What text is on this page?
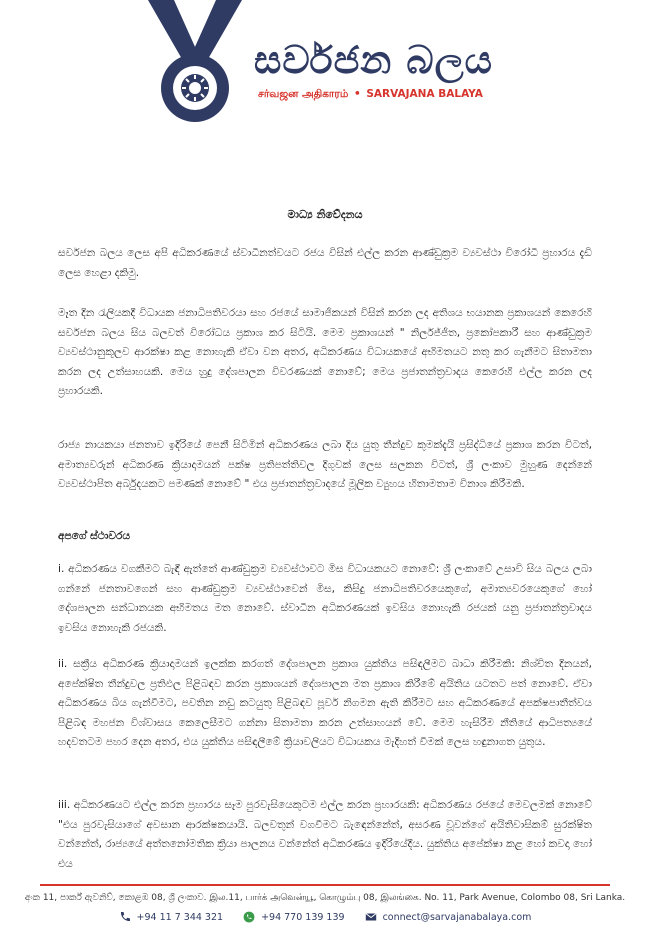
සර්වජන බලය
சர்வஜன அதிகாரம் • SARVAJANA BALAYA
මාධ්‍ය නිවේදනය
සර්වජන බලය ලෙස අපි අධිකරණයේ ස්වාධීනත්වයට රජය විසින් එල්ල කරන ආණ්ඩුක්‍රම ව්‍යවස්ථා විරෝධී ප්‍රහාරය දැඩි ලෙස හෙළා දකිමු.
මෑත දින රැලියකදී විධායක ජනාධිපතිවරයා සහ රජයේ සාමාජිකයන් විසින් කරන ලද අතිශය භයානක ප්‍රකාශයන් කෙරෙහි සර්වජන බලය සිය බලවත් විරෝධය ප්‍රකාශ කර සිටියි. මෙම ප්‍රකාශයන් " නිර්ලජ්ජිත, ප්‍රකෝපකාරී සහ ආණ්ඩුක්‍රම ව්‍යවස්ථානුකූලව ආරක්ෂා කළ නොහැකි ඒවා වන අතර, අධිකරණය විධායකයේ අභිමතයට නතු කර ගැනීමට සිතාමතා කරන ලද උත්සාහයකි. මෙය හුදු දේශපාලන විවරණයක් නොවේ; මෙය ප්‍රජාතන්ත්‍රවාදය කෙරෙහි එල්ල කරන ලද ප්‍රහාරයකි.
රාජ්‍ය නායකයා ජනතාව ඉදිරියේ පෙනී සිටිමින් අධිකරණය ලබා දිය යුතු තීන්දුව කුමක්දැයි ප්‍රසිද්ධියේ ප්‍රකාශ කරන විටත්, අමාත්‍යවරුන් අධිකරණ ක්‍රියාදාමයන් පක්ෂ ප්‍රතිපත්තිවල දිගුවක් ලෙස සලකන විටත්, ශ්‍රී ලංකාව මුහුණ දෙන්නේ ව්‍යවස්ථාපිත අර්බුදයකට පමණක් නොවේ " එය ප්‍රජාතන්ත්‍රවාදයේ මූලික ව්‍යුහය හිතාමතාම විනාශ කිරීමකි.
අපගේ ස්ථාවරය
i. අධිකරණය වගකීමට බැඳී ඇත්තේ ආණ්ඩුක්‍රම ව්‍යවස්ථාවට මිස විධායකයට නොවේ: ශ්‍රී ලංකාවේ උසාවි සිය බලය ලබා ගන්නේ ජනතාවගෙන් සහ ආණ්ඩුක්‍රම ව්‍යවස්ථාවෙන් මිස, කිසිදු ජනාධිපතිවරයෙකුගේ, අමාත්‍යවරයෙකුගේ හෝ දේශපාලන සන්ධානයක අභිමතය මත නොවේ. ස්වාධීන අධිකරණයක් ඉවසිය නොහැකි රජයක් යනු ප්‍රජාතන්ත්‍රවාදය ඉවසිය නොහැකි රජයකි.
ii. සක්‍රීය අධිකරණ ක්‍රියාදාමයන් ඉලක්ක කරගත් දේශපාලන ප්‍රකාශ යුක්තිය පසිඳලීමට බාධා කිරීමකි: නිශ්චිත දිනයන්, අපේක්ෂිත තීන්දුවල ප්‍රතිඵල පිළිබඳව කරන ප්‍රකාශයන් දේශපාලන මත ප්‍රකාශ කිරීමේ අයිතිය යටතට පත් නොවේ. ඒවා අධිකරණය බිය ගැන්වීමට, පවතින නඩු කටයුතු පිළිබඳව පූර්ව නිගමන ඇති කිරීමට සහ අධිකරණයේ අපක්ෂපාතීත්වය පිළිබඳ මහජන විශ්වාසය කෙලෙසීමට ගන්නා සිතාමතා කරන උත්සාහයන් වේ. මෙම හැසිරීම නීතියේ ආධිපත්‍යයේ හදවතටම පහර දෙන අතර, එය යුක්තිය පසිඳලීමේ ක්‍රියාවලියට විධායකය මැදිහත් වීමක් ලෙස හඳුනාගත යුතුය.
iii. අධිකරණයට එල්ල කරන ප්‍රහාරය සෑම පුරවැසියෙකුටම එල්ල කරන ප්‍රහාරයකි: අධිකරණය රජයේ මෙවලමක් නොවේ "එය පුරවැසියාගේ අවසාන ආරක්ෂකයායි. බලවතුන් වගවීමට බැඳෙන්නේත්, අසරණ වූවන්ගේ අයිතිවාසිකම් සුරක්ෂිත වන්නේත්, රාජ්‍යයේ අත්තනෝමතික ක්‍රියා පාලනය වන්නේත් අධිකරණය ඉදිරියේදීය. යුක්තිය අපේක්ෂා කළ හෝ කවදා හෝ එය
අංක 11, පාර්ක් ඇවනිව්, කොළඹ 08, ශ්‍රී ලංකාව. இல.11, பார்க் அவென்யூ, கொழும்பு 08, இலங்கை. No. 11, Park Avenue, Colombo 08, Sri Lanka.
+94 11 7 344 321	+94 770 139 139	connect@sarvajanabalaya.com
